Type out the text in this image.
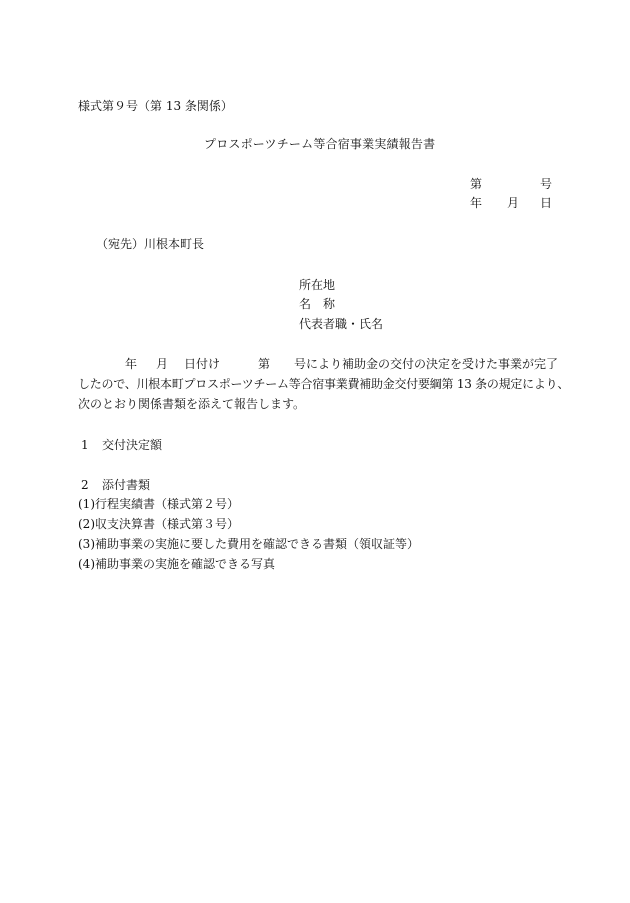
様式第９号（第 13 条関係）
プロスポーツチーム等合宿事業実績報告書
第	号
年 月 日
（宛先）川根本町長
所在地
名 称
代表者職・氏名
年 月 日付け	第 号により補助金の交付の決定を受けた事業が完了
したので、川根本町プロスポーツチーム等合宿事業費補助金交付要綱第 13 条の規定により、
次のとおり関係書類を添えて報告します。
1 交付決定額
2 添付書類
(1)行程実績書（様式第２号）
(2)収支決算書（様式第３号）
(3)補助事業の実施に要した費用を確認できる書類（領収証等）
(4)補助事業の実施を確認できる写真
